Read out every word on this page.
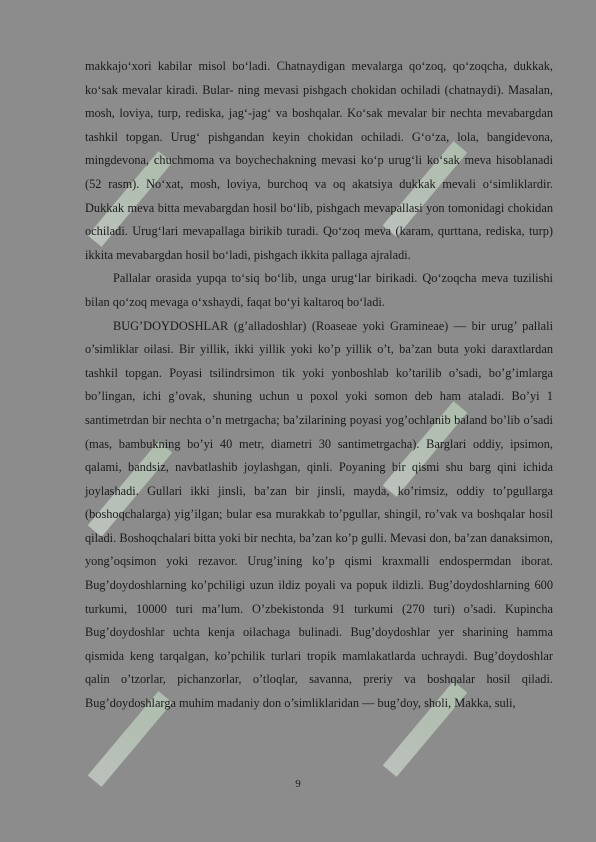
makkajo‘xori kabilar misol bo‘ladi. Chatnaydigan mevalarga qo‘zoq, qo‘zoqcha, dukkak, ko‘sak mevalar kiradi. Bular- ning mevasi pishgach chokidan ochiladi (chatnaydi). Masalan, mosh, loviya, turp, rediska, jag‘-jag‘ va boshqalar. Ko‘sak mevalar bir nechta mevabargdan tashkil topgan. Urug‘ pishgandan keyin chokidan ochiladi. G‘o‘za, lola, bangidevona, mingdevona, chuchmoma va boychechakning mevasi ko‘p urug‘li ko‘sak meva hisoblanadi (52 rasm). No‘xat, mosh, loviya, burchoq va oq akatsiya dukkak mevali o‘simliklardir. Dukkak meva bitta mevabargdan hosil bo‘lib, pishgach mevapallasi yon tomonidagi chokidan ochiladi. Urug‘lari mevapallaga birikib turadi. Qo‘zoq meva (karam, qurttana, rediska, turp) ikkita mevabargdan hosil bo‘ladi, pishgach ikkita pallaga ajraladi.

Pallalar orasida yupqa to‘siq bo‘lib, unga urug‘lar birikadi. Qo‘zoqcha meva tuzilishi bilan qo‘zoq mevaga o‘xshaydi, faqat bo‘yi kaltaroq bo‘ladi.

BUG’DOYDOSHLAR (g’alladoshlar) (Roaseae yoki Gramineae) — bir urug’ pallali o’simliklar oilasi. Bir yillik, ikki yillik yoki ko’p yillik o’t, ba’zan buta yoki daraxtlardan tashkil topgan. Poyasi tsilindrsimon tik yoki yonboshlab ko’tarilib o’sadi, bo’g’imlarga bo’lingan, ichi g’ovak, shuning uchun u poxol yoki somon deb ham ataladi. Bo’yi 1 santimetrdan bir nechta o’n metrgacha; ba’zilarining poyasi yog’ochlanib baland bo’lib o’sadi (mas, bambukning bo’yi 40 metr, diametri 30 santimetrgacha). Barglari oddiy, ipsimon, qalami, bandsiz, navbatlashib joylashgan, qinli. Poyaning bir qismi shu barg qini ichida joylashadi. Gullari ikki jinsli, ba’zan bir jinsli, mayda, ko’rimsiz, oddiy to’pgullarga (boshoqchalarga) yig’ilgan; bular esa murakkab to’pgullar, shingil, ro’vak va boshqalar hosil qiladi. Boshoqchalari bitta yoki bir nechta, ba’zan ko’p gulli. Mevasi don, ba’zan danaksimon, yong’oqsimon yoki rezavor. Urug’ining ko’p qismi kraxmalli endospermdan iborat. Bug’doydoshlarning ko’pchiligi uzun ildiz poyali va popuk ildizli. Bug’doydoshlarning 600 turkumi, 10000 turi ma’lum. O’zbekistonda 91 turkumi (270 turi) o’sadi. Kupincha Bug’doydoshlar uchta kenja oilachaga bulinadi. Bug’doydoshlar yer sharining hamma qismida keng tarqalgan, ko’pchilik turlari tropik mamlakatlarda uchraydi. Bug’doydoshlar qalin o’tzorlar, pichanzorlar, o’tloqlar, savanna, preriy va boshqalar hosil qiladi. Bug’doydoshlarga muhim madaniy don o’simliklaridan — bug’doy, sholi, Makka, suli,

9
